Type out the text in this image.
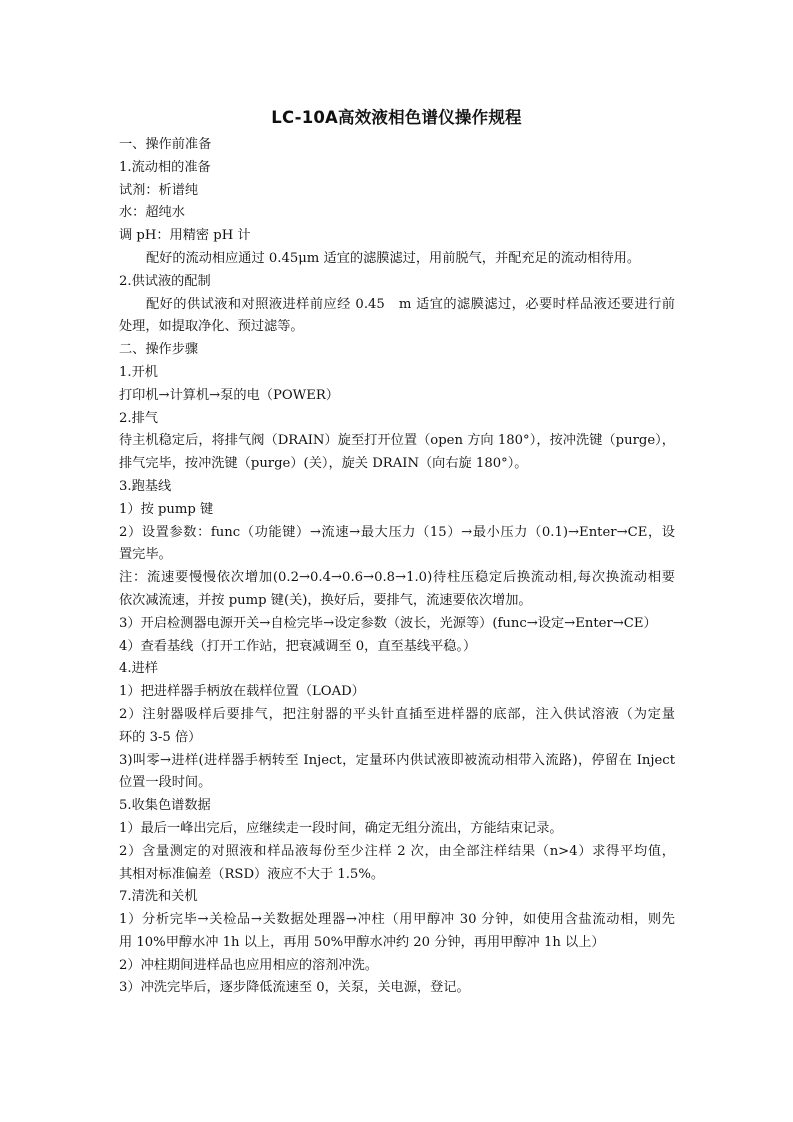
LC-10A高效液相色谱仪操作规程
一、操作前准备
1.流动相的准备
试剂：析谱纯
水：超纯水
调 pH：用精密 pH 计
配好的流动相应通过 0.45μm 适宜的滤膜滤过，用前脱气，并配充足的流动相待用。
2.供试液的配制
配好的供试液和对照液进样前应经 0.45　m 适宜的滤膜滤过，必要时样品液还要进行前
处理，如提取净化、预过滤等。
二、操作步骤
1.开机
打印机→计算机→泵的电（POWER）
2.排气
待主机稳定后，将排气阀（DRAIN）旋至打开位置（open 方向 180°），按冲洗键（purge），
排气完毕，按冲洗键（purge）(关），旋关 DRAIN（向右旋 180°）。
3.跑基线
1）按 pump 键
2）设置参数：func（功能键）→流速→最大压力（15）→最小压力（0.1)→Enter→CE，设
置完毕。
注：流速要慢慢依次增加(0.2→0.4→0.6→0.8→1.0)待柱压稳定后换流动相,每次换流动相要
依次减流速，并按 pump 键(关)，换好后，要排气，流速要依次增加。
3）开启检测器电源开关→自检完毕→设定参数（波长，光源等）(func→设定→Enter→CE）
4）查看基线（打开工作站，把衰减调至 0，直至基线平稳。）
4.进样
1）把进样器手柄放在载样位置（LOAD）
2）注射器吸样后要排气，把注射器的平头针直插至进样器的底部，注入供试溶液（为定量
环的 3-5 倍）
3)叫零→进样(进样器手柄转至 Inject，定量环内供试液即被流动相带入流路)，停留在 Inject
位置一段时间。
5.收集色谱数据
1）最后一峰出完后，应继续走一段时间，确定无组分流出，方能结束记录。
2）含量测定的对照液和样品液每份至少注样 2 次，由全部注样结果（n>4）求得平均值，
其相对标准偏差（RSD）液应不大于 1.5%。
7.清洗和关机
1）分析完毕→关检品→关数据处理器→冲柱（用甲醇冲 30 分钟，如使用含盐流动相，则先
用 10%甲醇水冲 1h 以上，再用 50%甲醇水冲约 20 分钟，再用甲醇冲 1h 以上）
2）冲柱期间进样品也应用相应的溶剂冲洗。
3）冲洗完毕后，逐步降低流速至 0，关泵，关电源，登记。
